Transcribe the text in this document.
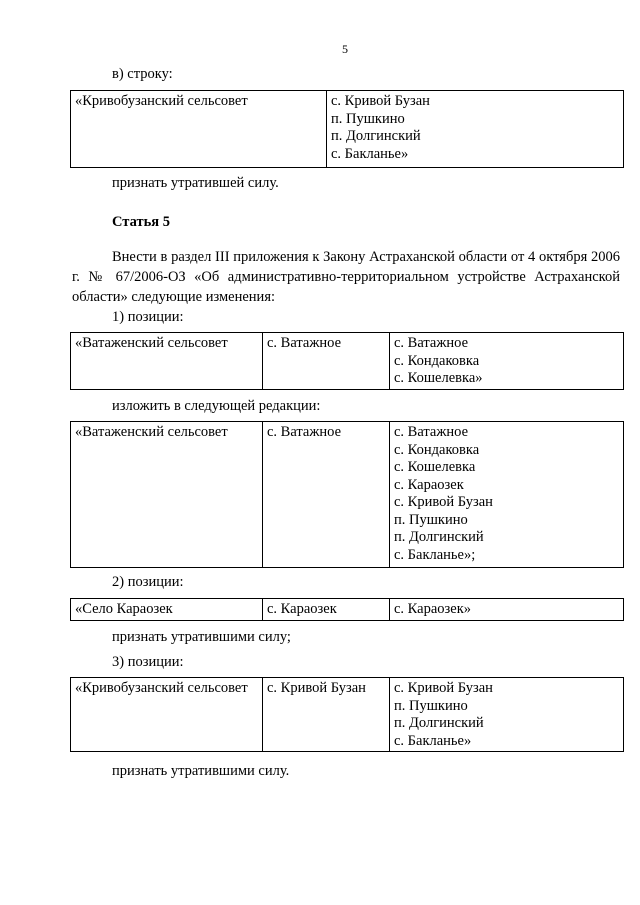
5
в) строку:
«Кривобузанский сельсовет	с. Кривой Бузан
п. Пушкино
п. Долгинский
с. Бакланье»
признать утратившей силу.
Статья 5
Внести в раздел III приложения к Закону Астраханской области от 4 октября 2006 г. № 67/2006-ОЗ «Об административно-территориальном устройстве Астраханской области» следующие изменения:
1) позиции:
«Ватаженский сельсовет	с. Ватажное	с. Ватажное
с. Кондаковка
с. Кошелевка»
изложить в следующей редакции:
«Ватаженский сельсовет	с. Ватажное	с. Ватажное
с. Кондаковка
с. Кошелевка
с. Караозек
с. Кривой Бузан
п. Пушкино
п. Долгинский
с. Бакланье»;
2) позиции:
«Село Караозек	с. Караозек	с. Караозек»
признать утратившими силу;
3) позиции:
«Кривобузанский сельсовет	с. Кривой Бузан	с. Кривой Бузан
п. Пушкино
п. Долгинский
с. Бакланье»
признать утратившими силу.
